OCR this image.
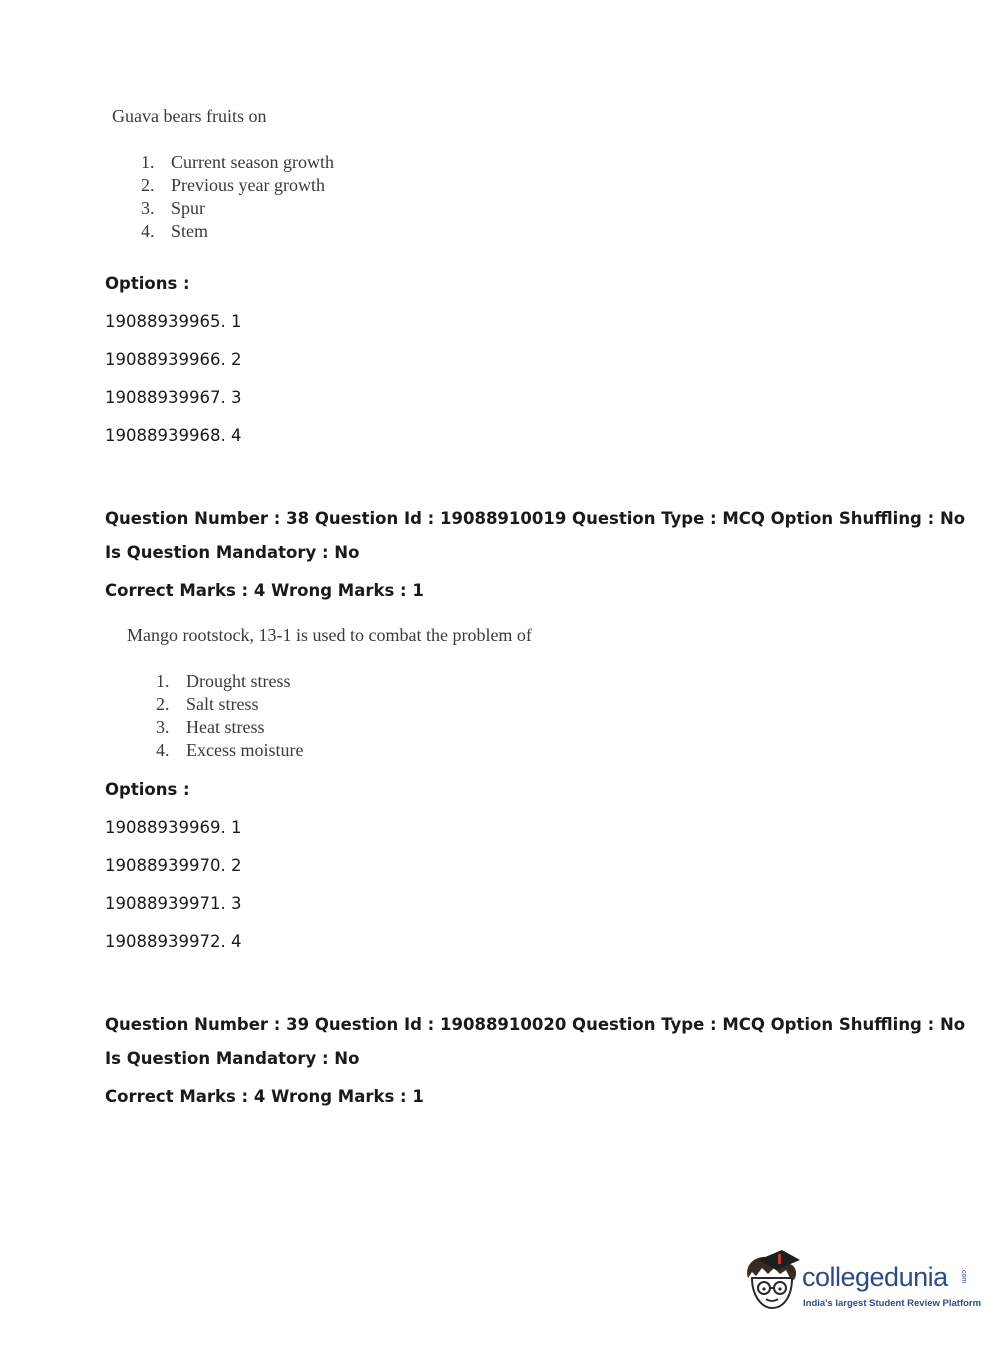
Guava bears fruits on
1. Current season growth
2. Previous year growth
3. Spur
4. Stem
Options :
19088939965. 1
19088939966. 2
19088939967. 3
19088939968. 4
Question Number : 38 Question Id : 19088910019 Question Type : MCQ Option Shuffling : No
Is Question Mandatory : No
Correct Marks : 4 Wrong Marks : 1
Mango rootstock, 13-1 is used to combat the problem of
1. Drought stress
2. Salt stress
3. Heat stress
4. Excess moisture
Options :
19088939969. 1
19088939970. 2
19088939971. 3
19088939972. 4
Question Number : 39 Question Id : 19088910020 Question Type : MCQ Option Shuffling : No
Is Question Mandatory : No
Correct Marks : 4 Wrong Marks : 1
collegedunia .com
India's largest Student Review Platform
